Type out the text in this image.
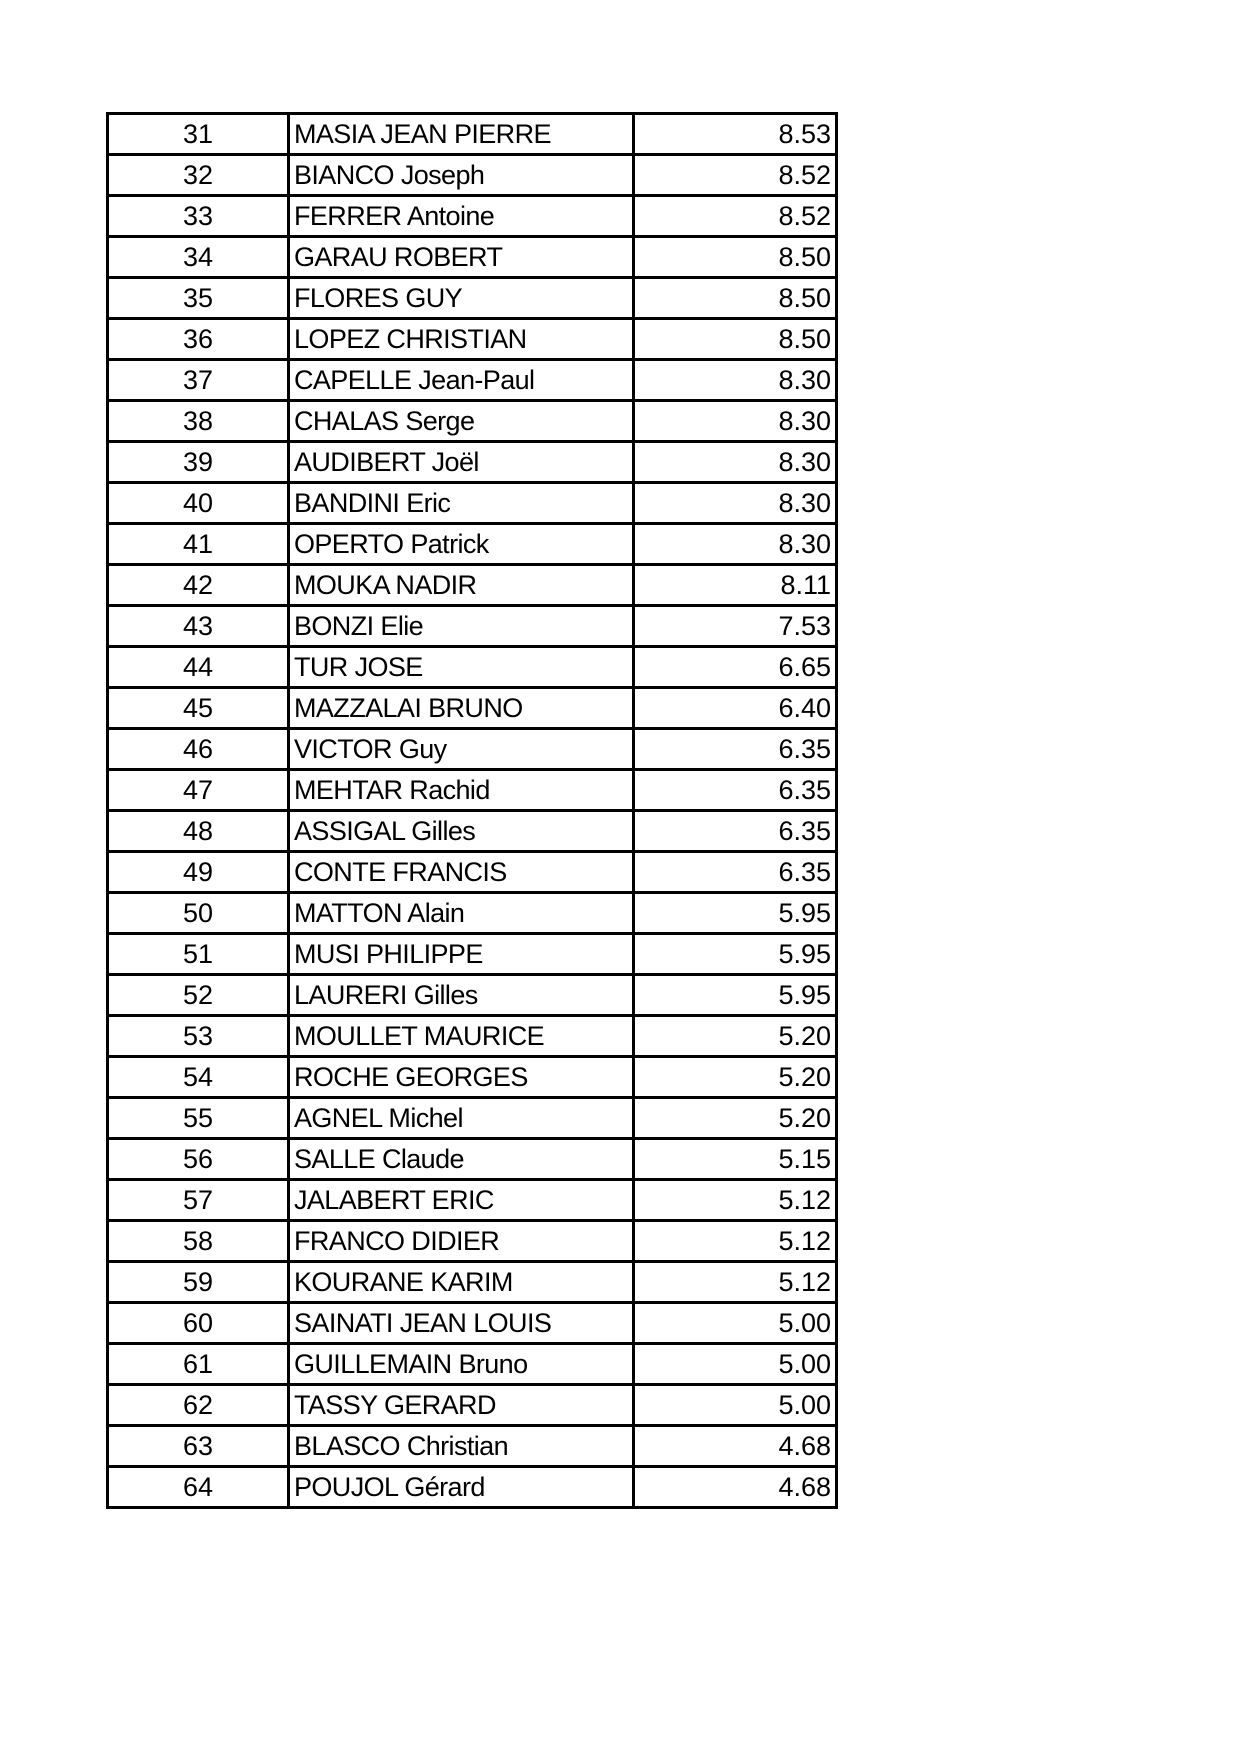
31	MASIA JEAN PIERRE	8.53
32	BIANCO Joseph	8.52
33	FERRER Antoine	8.52
34	GARAU ROBERT	8.50
35	FLORES GUY	8.50
36	LOPEZ CHRISTIAN	8.50
37	CAPELLE Jean-Paul	8.30
38	CHALAS Serge	8.30
39	AUDIBERT Joël	8.30
40	BANDINI Eric	8.30
41	OPERTO Patrick	8.30
42	MOUKA NADIR	8.11
43	BONZI Elie	7.53
44	TUR JOSE	6.65
45	MAZZALAI BRUNO	6.40
46	VICTOR Guy	6.35
47	MEHTAR Rachid	6.35
48	ASSIGAL Gilles	6.35
49	CONTE FRANCIS	6.35
50	MATTON Alain	5.95
51	MUSI PHILIPPE	5.95
52	LAURERI Gilles	5.95
53	MOULLET MAURICE	5.20
54	ROCHE GEORGES	5.20
55	AGNEL Michel	5.20
56	SALLE Claude	5.15
57	JALABERT ERIC	5.12
58	FRANCO DIDIER	5.12
59	KOURANE KARIM	5.12
60	SAINATI JEAN LOUIS	5.00
61	GUILLEMAIN Bruno	5.00
62	TASSY GERARD	5.00
63	BLASCO Christian	4.68
64	POUJOL Gérard	4.68
